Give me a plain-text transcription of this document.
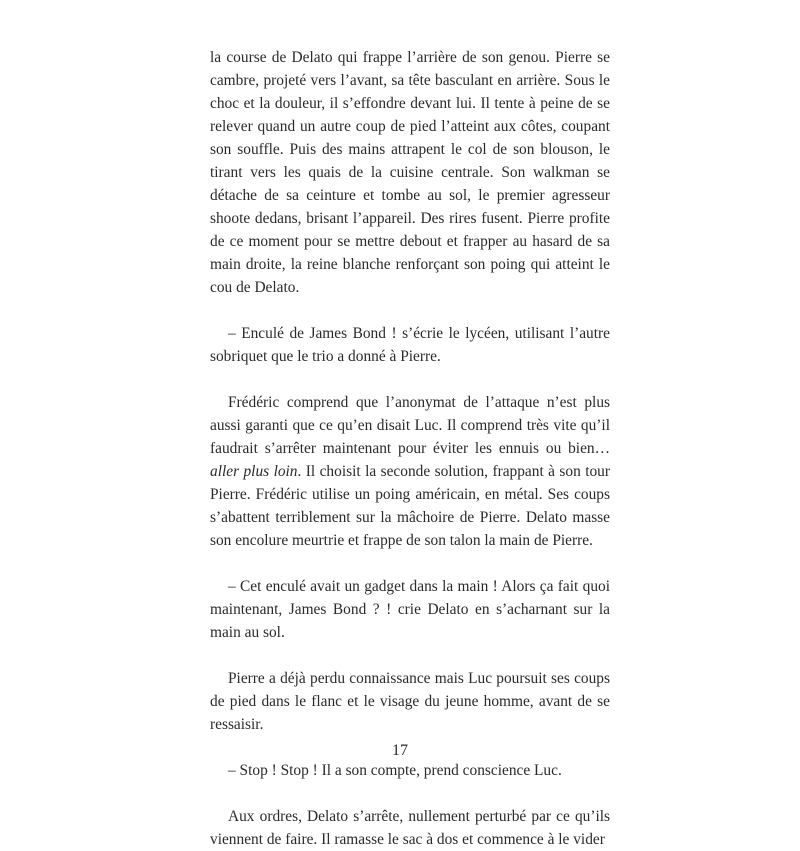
la course de Delato qui frappe l’arrière de son genou. Pierre se cambre, projeté vers l’avant, sa tête basculant en arrière. Sous le choc et la douleur, il s’effondre devant lui. Il tente à peine de se relever quand un autre coup de pied l’atteint aux côtes, coupant son souffle. Puis des mains attrapent le col de son blouson, le tirant vers les quais de la cuisine centrale. Son walkman se détache de sa ceinture et tombe au sol, le premier agresseur shoote dedans, brisant l’appareil. Des rires fusent. Pierre profite de ce moment pour se mettre debout et frapper au hasard de sa main droite, la reine blanche renforçant son poing qui atteint le cou de Delato.

– Enculé de James Bond ! s’écrie le lycéen, utilisant l’autre sobriquet que le trio a donné à Pierre.

Frédéric comprend que l’anonymat de l’attaque n’est plus aussi garanti que ce qu’en disait Luc. Il comprend très vite qu’il faudrait s’arrêter maintenant pour éviter les ennuis ou bien… aller plus loin. Il choisit la seconde solution, frappant à son tour Pierre. Frédéric utilise un poing américain, en métal. Ses coups s’abattent terriblement sur la mâchoire de Pierre. Delato masse son encolure meurtrie et frappe de son talon la main de Pierre.

– Cet enculé avait un gadget dans la main ! Alors ça fait quoi maintenant, James Bond ? ! crie Delato en s’acharnant sur la main au sol.

Pierre a déjà perdu connaissance mais Luc poursuit ses coups de pied dans le flanc et le visage du jeune homme, avant de se ressaisir.

– Stop ! Stop ! Il a son compte, prend conscience Luc.

Aux ordres, Delato s’arrête, nullement perturbé par ce qu’ils viennent de faire. Il ramasse le sac à dos et commence à le vider

17
